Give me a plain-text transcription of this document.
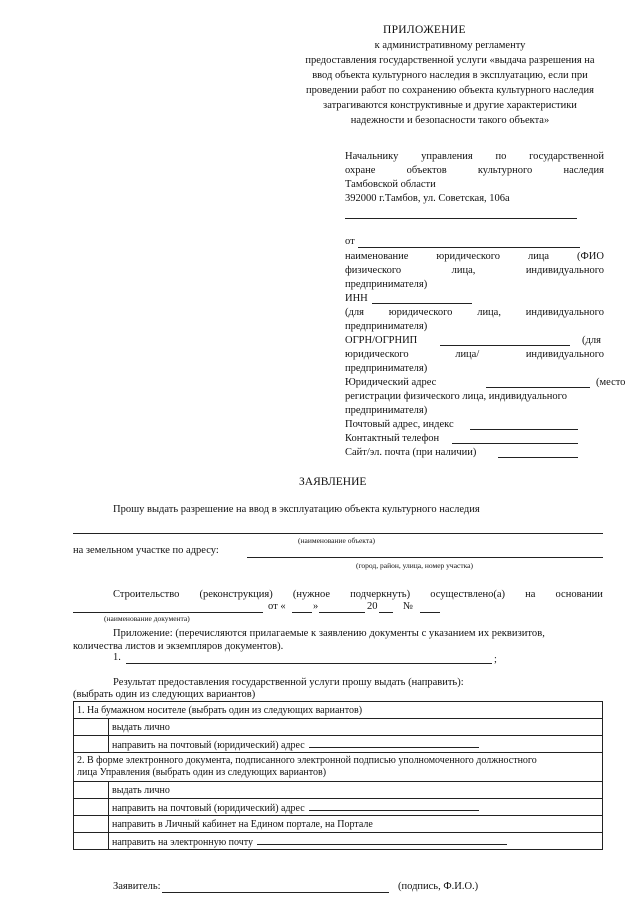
ПРИЛОЖЕНИЕ
к административному регламенту
предоставления государственной услуги «выдача разрешения на
ввод объекта культурного наследия в эксплуатацию, если при
проведении работ по сохранению объекта культурного наследия
затрагиваются конструктивные и другие характеристики
надежности и безопасности такого объекта»
Начальнику управления по государственной
охране	объектов	культурного	наследия
Тамбовской области
392000 г.Тамбов, ул. Советская, 106а
от
наименование	юридического	лица	(ФИО
физического	лица,	индивидуального
предпринимателя)
ИНН
(для юридического лица, индивидуального
предпринимателя)
ОГРН/ОГРНИП	(для
юридического	лица/	индивидуального
предпринимателя)
Юридический адрес	(место
регистрации физического лица, индивидуального
предпринимателя)
Почтовый адрес, индекс
Контактный телефон
Сайт/эл. почта (при наличии)
ЗАЯВЛЕНИЕ
Прошу выдать разрешение на ввод в эксплуатацию объекта культурного наследия
(наименование объекта)
на земельном участке по адресу:
(город, район, улица, номер участка)
Строительство (реконструкция) (нужное подчеркнуть) осуществлено(а) на основании
от «	»	20 №
(наименование документа)
Приложение: (перечисляются прилагаемые к заявлению документы с указанием их реквизитов,
количества листов и экземпляров документов).
1.	;
Результат предоставления государственной услуги прошу выдать (направить):
(выбрать один из следующих вариантов)
1. На бумажном носителе (выбрать один из следующих вариантов)	
	выдать лично
	направить на почтовый (юридический) адрес

2. В форме электронного документа, подписанного электронной подписью уполномоченного должностного
лица Управления (выбрать один из следующих вариантов)	

	выдать лично
	направить на почтовый (юридический) адрес
	направить в Личный кабинет на Едином портале, на Портале
	направить на электронную почту
Заявитель:	(подпись, Ф.И.О.)
